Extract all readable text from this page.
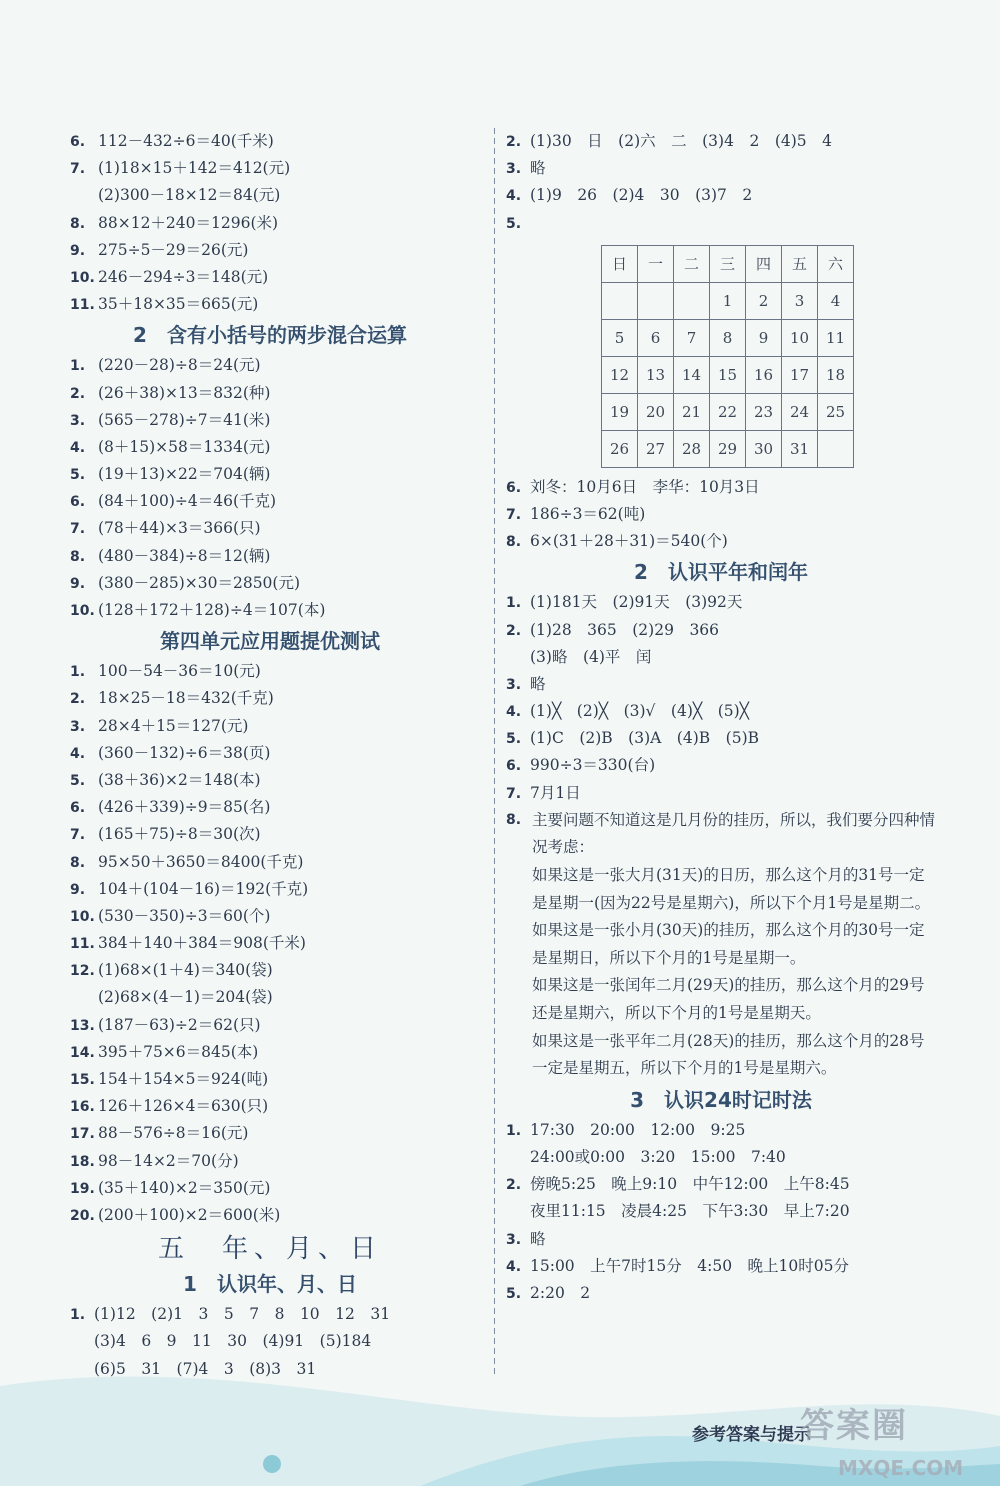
6. 112－432÷6＝40(千米)
7. (1)18×15＋142＝412(元)
(2)300－18×12＝84(元)
8. 88×12＋240＝1296(米)
9. 275÷5－29＝26(元)
10. 246－294÷3＝148(元)
11. 35＋18×35＝665(元)
2　含有小括号的两步混合运算
1. (220－28)÷8＝24(元)
2. (26＋38)×13＝832(种)
3. (565－278)÷7＝41(米)
4. (8＋15)×58＝1334(元)
5. (19＋13)×22＝704(辆)
6. (84＋100)÷4＝46(千克)
7. (78＋44)×3＝366(只)
8. (480－384)÷8＝12(辆)
9. (380－285)×30＝2850(元)
10. (128＋172＋128)÷4＝107(本)
第四单元应用题提优测试
1. 100－54－36＝10(元)
2. 18×25－18＝432(千克)
3. 28×4＋15＝127(元)
4. (360－132)÷6＝38(页)
5. (38＋36)×2＝148(本)
6. (426＋339)÷9＝85(名)
7. (165＋75)÷8＝30(次)
8. 95×50＋3650＝8400(千克)
9. 104＋(104－16)＝192(千克)
10. (530－350)÷3＝60(个)
11. 384＋140＋384＝908(千米)
12. (1)68×(1＋4)＝340(袋)
(2)68×(4－1)＝204(袋)
13. (187－63)÷2＝62(只)
14. 395＋75×6＝845(本)
15. 154＋154×5＝924(吨)
16. 126＋126×4＝630(只)
17. 88－576÷8＝16(元)
18. 98－14×2＝70(分)
19. (35＋140)×2＝350(元)
20. (200＋100)×2＝600(米)
五　年、月、日
1　认识年、月、日
1. (1)12　(2)1　3　5　7　8　10　12　31
(3)4　6　9　11　30　(4)91　(5)184
(6)5　31　(7)4　3　(8)3　31
2. (1)30　日　(2)六　二　(3)4　2　(4)5　4
3. 略
4. (1)9　26　(2)4　30　(3)7　2
5.
日	一	二	三	四	五	六
			1	2	3	4
5	6	7	8	9	10	11
12	13	14	15	16	17	18
19	20	21	22	23	24	25
26	27	28	29	30	31	
6. 刘冬：10月6日　李华：10月3日
7. 186÷3＝62(吨)
8. 6×(31＋28＋31)＝540(个)
2　认识平年和闰年
1. (1)181天　(2)91天　(3)92天
2. (1)28　365　(2)29　366
(3)略　(4)平　闰
3. 略
4. (1)╳　(2)╳　(3)√　(4)╳　(5)╳
5. (1)C　(2)B　(3)A　(4)B　(5)B
6. 990÷3＝330(台)
7. 7月1日
8. 主要问题不知道这是几月份的挂历，所以，我们要分四种情况考虑：
如果这是一张大月(31天)的日历，那么这个月的31号一定是星期一(因为22号是星期六)，所以下个月1号是星期二。
如果这是一张小月(30天)的挂历，那么这个月的30号一定是星期日，所以下个月的1号是星期一。
如果这是一张闰年二月(29天)的挂历，那么这个月的29号还是星期六，所以下个月的1号是星期天。
如果这是一张平年二月(28天)的挂历，那么这个月的28号一定是星期五，所以下个月的1号是星期六。
3　认识24时记时法
1. 17:30　20:00　12:00　9:25
24:00或0:00　3:20　15:00　7:40
2. 傍晚5:25　晚上9:10　中午12:00　上午8:45
夜里11:15　凌晨4:25　下午3:30　早上7:20
3. 略
4. 15:00　上午7时15分　4:50　晚上10时05分
5. 2:20　2
参考答案与提示
答案圈
MXQE.COM
